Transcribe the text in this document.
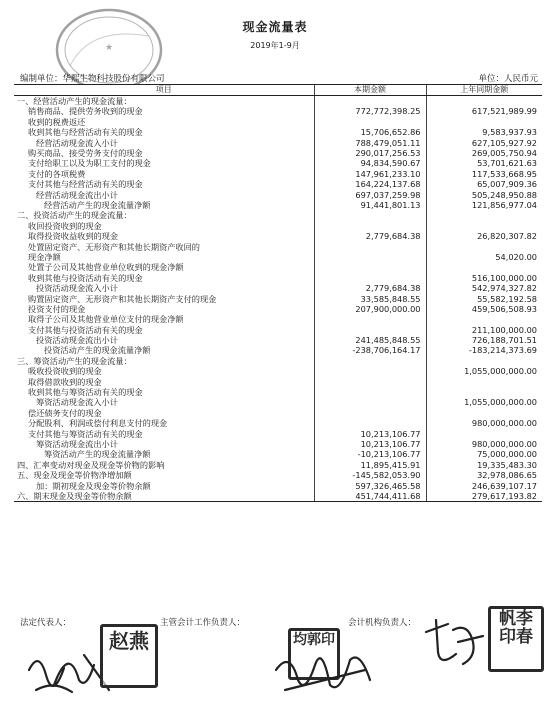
★
现金流量表
2019年1-9月
编制单位：华熙生物科技股份有限公司	单位：人民币元
项目	本期金额	上年同期金额
一、经营活动产生的现金流量：		
销售商品、提供劳务收到的现金	772,772,398.25	617,521,989.99
收到的税费返还		
收到其他与经营活动有关的现金	15,706,652.86	9,583,937.93
经营活动现金流入小计	788,479,051.11	627,105,927.92
购买商品、接受劳务支付的现金	290,017,256.53	269,005,750.94
支付给职工以及为职工支付的现金	94,834,590.67	53,701,621.63
支付的各项税费	147,961,233.10	117,533,668.95
支付其他与经营活动有关的现金	164,224,137.68	65,007,909.36
经营活动现金流出小计	697,037,259.98	505,248,950.88
经营活动产生的现金流量净额	91,441,801.13	121,856,977.04
二、投资活动产生的现金流量：		
收回投资收到的现金		
取得投资收益收到的现金	2,779,684.38	26,820,307.82
处置固定资产、无形资产和其他长期资产收回的		
现金净额		54,020.00
处置子公司及其他营业单位收到的现金净额		
收到其他与投资活动有关的现金		516,100,000.00
投资活动现金流入小计	2,779,684.38	542,974,327.82
购置固定资产、无形资产和其他长期资产支付的现金	33,585,848.55	55,582,192.58
投资支付的现金	207,900,000.00	459,506,508.93
取得子公司及其他营业单位支付的现金净额		
支付其他与投资活动有关的现金		211,100,000.00
投资活动现金流出小计	241,485,848.55	726,188,701.51
投资活动产生的现金流量净额	-238,706,164.17	-183,214,373.69
三、筹资活动产生的现金流量：		
吸收投资收到的现金		1,055,000,000.00
取得借款收到的现金		
收到其他与筹资活动有关的现金		
筹资活动现金流入小计		1,055,000,000.00
偿还债务支付的现金		
分配股利、利润或偿付利息支付的现金		980,000,000.00
支付其他与筹资活动有关的现金	10,213,106.77	
筹资活动现金流出小计	10,213,106.77	980,000,000.00
筹资活动产生的现金流量净额	-10,213,106.77	75,000,000.00
四、汇率变动对现金及现金等价物的影响	11,895,415.91	19,335,483.30
五、现金及现金等价物净增加额	-145,582,053.90	32,978,086.65
加：期初现金及现金等价物余额	597,326,465.58	246,639,107.17
六、期末现金及现金等价物余额	451,744,411.68	279,617,193.82
法定代表人：	主管会计工作负责人：	会计机构负责人：
赵燕	均郭印
帆李印春
